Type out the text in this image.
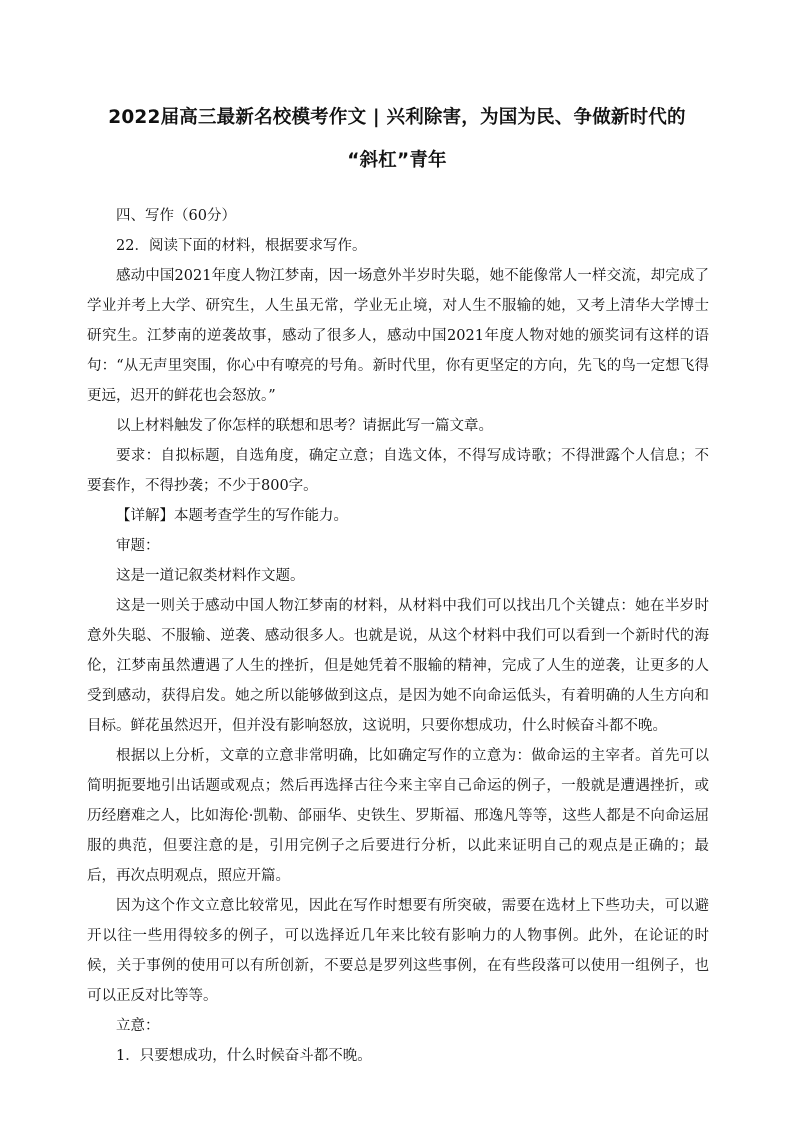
2022届高三最新名校模考作文 | 兴利除害，为国为民、争做新时代的
“斜杠”青年

四、写作（60分）

22．阅读下面的材料，根据要求写作。

感动中国2021年度人物江梦南，因一场意外半岁时失聪，她不能像常人一样交流，却完成了学业并考上大学、研究生，人生虽无常，学业无止境，对人生不服输的她，又考上清华大学博士研究生。江梦南的逆袭故事，感动了很多人，感动中国2021年度人物对她的颁奖词有这样的语句：“从无声里突围，你心中有嘹亮的号角。新时代里，你有更坚定的方向，先飞的鸟一定想飞得更远，迟开的鲜花也会怒放。”

以上材料触发了你怎样的联想和思考？请据此写一篇文章。

要求：自拟标题，自选角度，确定立意；自选文体，不得写成诗歌；不得泄露个人信息；不要套作，不得抄袭；不少于800字。

【详解】本题考查学生的写作能力。

审题：

这是一道记叙类材料作文题。

这是一则关于感动中国人物江梦南的材料，从材料中我们可以找出几个关键点：她在半岁时意外失聪、不服输、逆袭、感动很多人。也就是说，从这个材料中我们可以看到一个新时代的海伦，江梦南虽然遭遇了人生的挫折，但是她凭着不服输的精神，完成了人生的逆袭，让更多的人受到感动，获得启发。她之所以能够做到这点，是因为她不向命运低头，有着明确的人生方向和目标。鲜花虽然迟开，但并没有影响怒放，这说明，只要你想成功，什么时候奋斗都不晚。

根据以上分析，文章的立意非常明确，比如确定写作的立意为：做命运的主宰者。首先可以简明扼要地引出话题或观点；然后再选择古往今来主宰自己命运的例子，一般就是遭遇挫折，或历经磨难之人，比如海伦·凯勒、郃丽华、史铁生、罗斯福、邢逸凡等等，这些人都是不向命运屈服的典范，但要注意的是，引用完例子之后要进行分析，以此来证明自己的观点是正确的；最后，再次点明观点，照应开篇。

因为这个作文立意比较常见，因此在写作时想要有所突破，需要在选材上下些功夫，可以避开以往一些用得较多的例子，可以选择近几年来比较有影响力的人物事例。此外，在论证的时候，关于事例的使用可以有所创新，不要总是罗列这些事例，在有些段落可以使用一组例子，也可以正反对比等等。

立意：

1．只要想成功，什么时候奋斗都不晚。
